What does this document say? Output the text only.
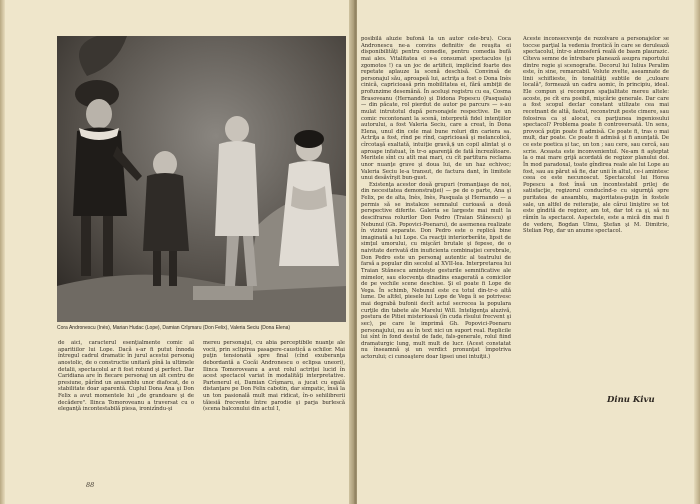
Cora Andronescu (Inès), Marian Hudac (Lope), Damian Crîşmaru (Don Felix), Valeria Seciu (Dona Elena)

de aici, caracterul esenţialmente comic al aparitiilor lui Lope. Dacă s-ar fi putut înnoda întregul cadrul dramatic în jurul acestui personaj anostolic, de o constructie unitară pînă la ultimele detalii, spectacolul ar fi fost rotund şi perfect. Dar Caridiana are în fiecare personaj un alt centru de presiune, părînd un ansamblu unor diafocat, de o stabilitate doar aparentă. Cuplul Dona Ana şi Don Felix a avut momentele lui „de grandoare şi de decădere". Ilinca Tomoroveanu a traversat cu o eleganţă incontestabilă piesa, ironizîndu-şi

mereu personajul, cu abia perceptibile nuanţe ale vocii, prin sclipirea pasagere-caustică a ochilor. Mai puţin tensionată spre final (cînd exuberanţa debordantă a Cocăi Andronescu o eclipsa uneori), Ilinca Tomoroveanu a avut rolul actriţei lucid în acest spectacol variat în modalităţi interpretative. Partenerul ei, Damian Crîşmaru, a jucat cu egală distanţare pe Don Felix cabotin, dar simpatic, însă la un ton pasională mult mai ridicat, în-o sehilibrerii tăiesiă frecvente între parodie şi parja burlescă (scena balconului din actul I,

88

posibilă aluzie bufonă la un autor cele-bru). Coca Andronescu ne-a convins definitiv de reuşita ei disponibilităţi pentru comedie, pentru comedia bufă mai ales. Vitalitatea ei s-a consumat spectaculos (şi zgomotos !) ca un joc de artificii, implicînd foarte des repetate aplauze la scenă deschisă. Convinsă de personajul său, aproapeă lui, actriţa a fost o Dona Inès cinică, capricioasă prin mobilitatea ei, fără ambiţii de profunzime desemănă. În aceluşi registru cu ea, Cosma Brasoveanu (Hernando) şi Didona Popescu (Pasquala) — din păcate, rol pierdut de autor pe parcurs — s-au mulat intrutotul după personajele respective. De un comic recontonant la scenă, interpretă fidel intenţiilor autorului, a fost Valeria Seciu, care a creat, în Dona Elena, unul din cele mai bune roluri din cariera sa. Actriţa a fost, rînd pe rînd, capricioasă şi melancolică, cîrcotaşă exaltată, intuiţie gravă,$ un copil alintat şi o aproape infatuat, în tr-o aparenţă de fată încrezătoare. Meritele sînt cu atît mai mari, cu cît partitura reclama unor nuanţe grave şi doua lui, de un haz echivoc; Valeria Seciu le-a transut, de factura dant, în limitele unui desăvîrşit bun-gust.

Existenţa acestor două grupuri (romanţiaşe de noi, din necesitatea demonstraţiei) — pe de o parte, Ana şi Felix, pe de alta, Inès, Inès, Pasquala şi Hernando — a permis să se instaleze semnalul curioasă a două perspective diferite. Galeria se largeste mai mult la descifrarea rolurilor Don Pedro (Traian Stănescu) şi Nebunul (Gh. Popovici-Poenaru), de asemenea realizate în viziuni separate. Don Pedro este o replică bine imaginată a lui Lope. Ca reacţii interiorberăte, lipsit de simţul umorului, cu mişcări brutale şi fepese, de o naivitate derivată din inuficienta combinaţiei cerebrale, Don Pedro este un personaj autentic al teatrului de farsă a popular din secolul al XVII-lea. Interpretarea lui Traian Stănescu aminteşte gesturile semnificative ale mimelor, sau elocvenţa dinadins exagerată a comicilor de pe vechile scene deschise. Şi el poate fi Lope de Vega. În schimb, Nebunul este cu totul din-tr-o altă lume. De altfel, piesele lui Lope de Vega îi se potrivesc mai degrabă bufonii decît actul secrecea la populara curţile din tabete ale Marelui Will. Inteligenţa aluzivă, postura de Pitiei misterioasă (în cuda rîsului frecvent şi sec), pe care le imprimă Gh. Popovici-Poenaru personajului, nu au în text nici un suport real. Replicile lui sînt în fond destul de fade, fals-generale, rolul fiind dramaturgic lung, mult mult de lucr. (Acest constatat nu înseamnă şi un verdict pronunţat împotriva actorului; ci cunoaştere doar lipsei unei intuiţii.)

Aceste inconsecvenţe de rezolvare a personajelor se toccse parţial la vedenia frontică în care se derulează spectacolul, într-o atmosferă reală de basm plaurazic. Cîteva semne de întrebare planează asupra raportului dintre regie şi scenografie. Decorul lui Iulius Peralim este, în sine, remarcabil. Volute zvelte, aseamnate de linii schiflieste, în tonalităţi subtile de „culoare locală", formează un cadru aomic, în principiu, ideal. Ele compun şi recompun spaţialitate mereu altele: acoste, pe cît era posibil, mişcărie generale. Dar care a fost scopul declar constant utilizate cea mai recetnant de altă, fastul, reconstruit peste cimere, sau folosirea ca şi alocat, cu parţiunea ingeniosului spectacol? Problema poate fi controversată. Un sens, provocă puţin poate fi admisă. Ce poate fi, tras o mai mult, dar poate. Ce poate fi admisă şi fi anunţată. De ce este poetica și tac, un ton ; sau cere, sau cercă, sau scrie. Aceasta este inconvenientul. Ne-am fi aşteptat la o mai mare grijă acordată de regizor planului doi. În mod paradoxal, toate gîndirea reale ale lui Lope au fost, sau au părut să fie, dar unii în altul, ce-i amintesc ceea ce este necunoscut. Spectacolul lui Horea Popescu a fost însă un incontestabil prilej de satisfacţie, regizorul conducînd-o cu sigurnţă spre puritatea de ansamblu, majoritatea-puţin în fostele sale, un altfel de reiteraţie, ale cărui liniştire se tot este gîndită de regizor, am tot, dar tot ca şi, să nu rămîn la spectacol. Aspectele, este a mică din mai fi de vedere, Bogdan Ulmu, Ştefan şi M. Dimitrie, Stelian Pop, dar un anume spectacol.

Dinu Kivu
